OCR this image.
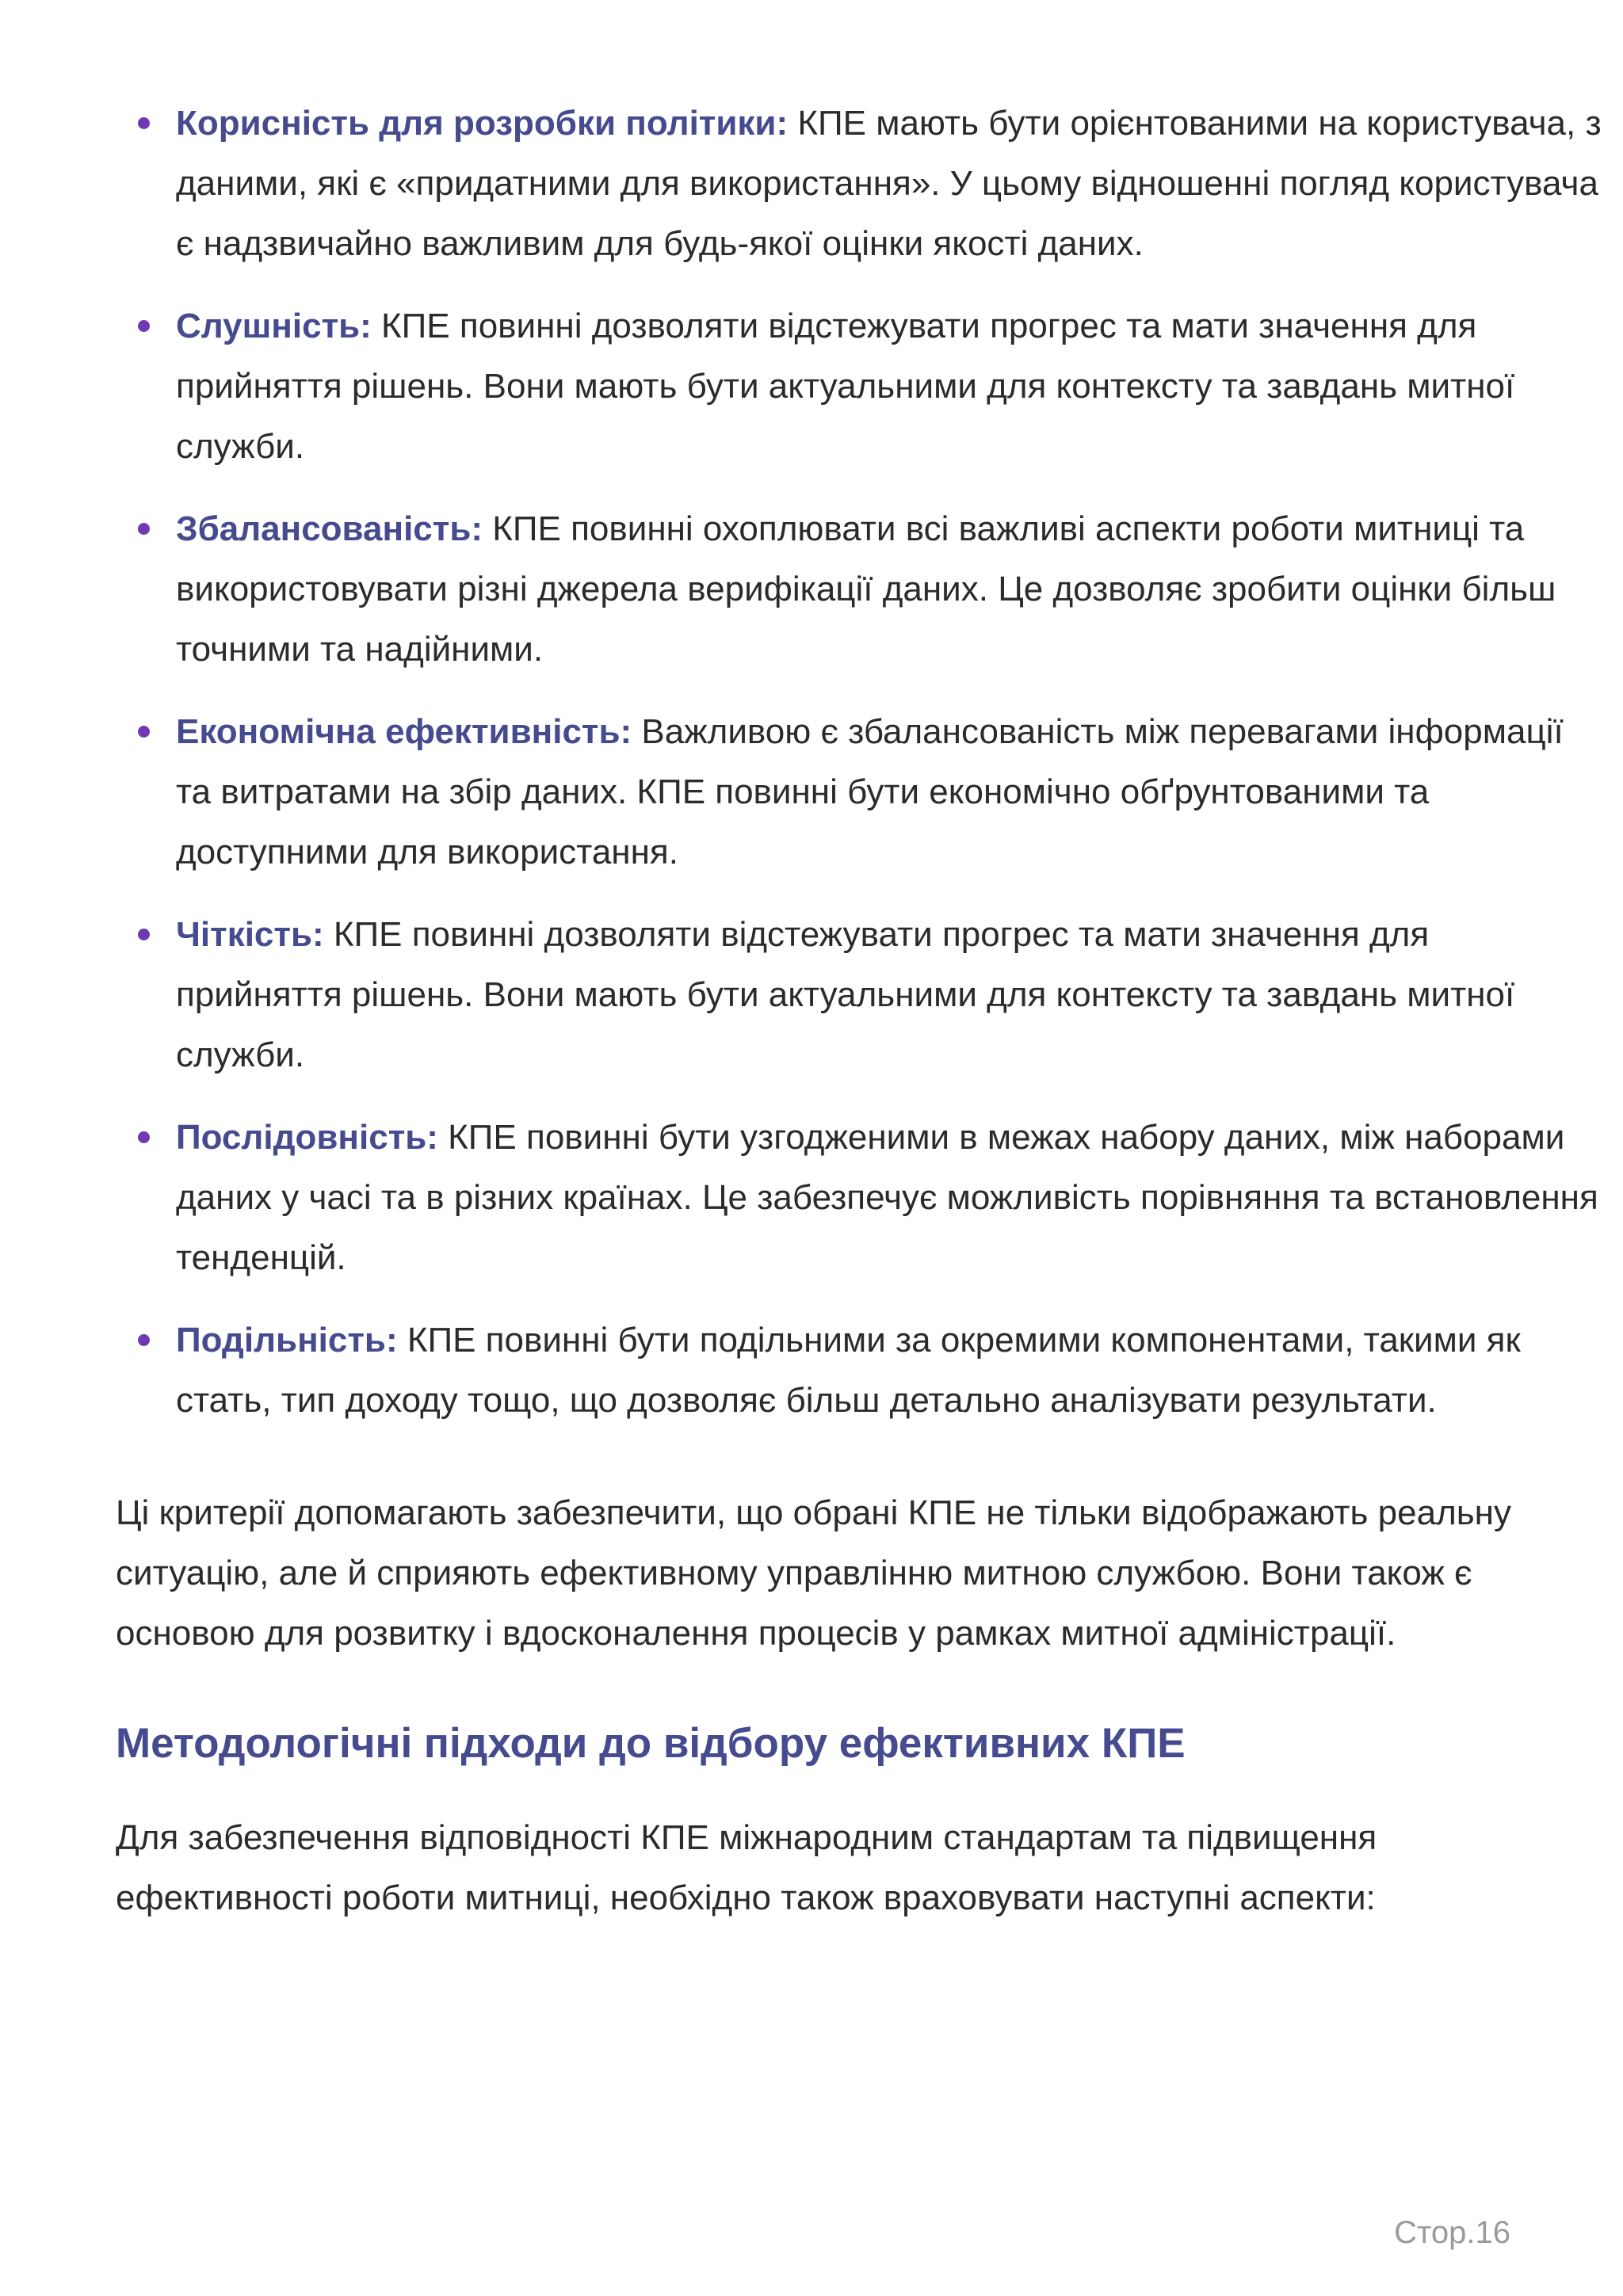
Корисність для розробки політики: КПЕ мають бути орієнтованими на користувача, з даними, які є «придатними для використання». У цьому відношенні погляд користувача є надзвичайно важливим для будь-якої оцінки якості даних.
Слушність: КПЕ повинні дозволяти відстежувати прогрес та мати значення для прийняття рішень. Вони мають бути актуальними для контексту та завдань митної служби.
Збалансованість: КПЕ повинні охоплювати всі важливі аспекти роботи митниці та використовувати різні джерела верифікації даних. Це дозволяє зробити оцінки більш точними та надійними.
Економічна ефективність: Важливою є збалансованість між перевагами інформації та витратами на збір даних. КПЕ повинні бути економічно обґрунтованими та доступними для використання.
Чіткість: КПЕ повинні дозволяти відстежувати прогрес та мати значення для прийняття рішень. Вони мають бути актуальними для контексту та завдань митної служби.
Послідовність: КПЕ повинні бути узгодженими в межах набору даних, між наборами даних у часі та в різних країнах. Це забезпечує можливість порівняння та встановлення тенденцій.
Подільність: КПЕ повинні бути подільними за окремими компонентами, такими як стать, тип доходу тощо, що дозволяє більш детально аналізувати результати.

Ці критерії допомагають забезпечити, що обрані КПЕ не тільки відображають реальну ситуацію, але й сприяють ефективному управлінню митною службою. Вони також є основою для розвитку і вдосконалення процесів у рамках митної адміністрації.

Методологічні підходи до відбору ефективних КПЕ

Для забезпечення відповідності КПЕ міжнародним стандартам та підвищення ефективності роботи митниці, необхідно також враховувати наступні аспекти:

Стор.16
